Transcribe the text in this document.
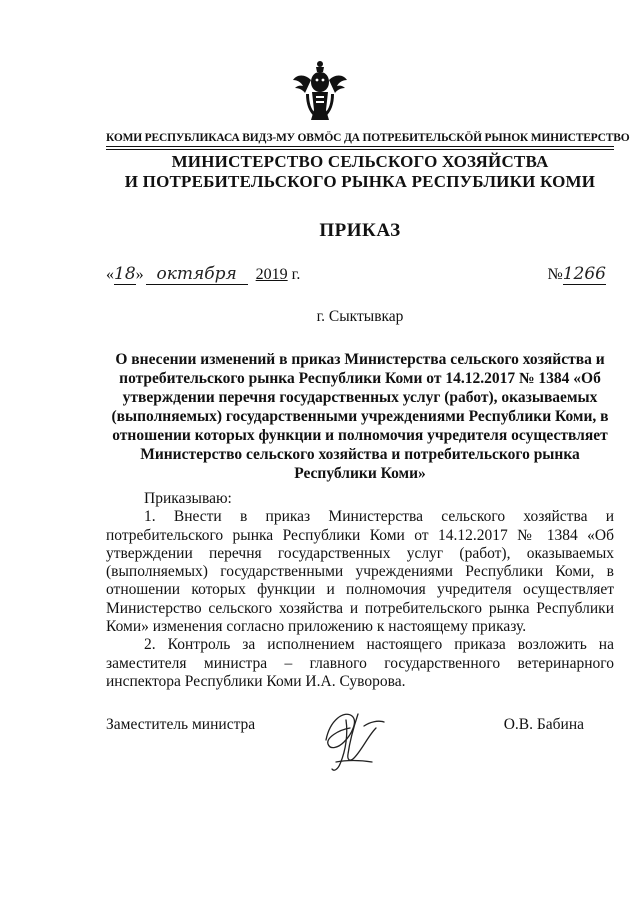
КОМИ РЕСПУБЛИКАСА ВИДЗ-МУ ОВМÖС ДА ПОТРЕБИТЕЛЬСКÖЙ РЫНОК МИНИСТЕРСТВО
МИНИСТЕРСТВО СЕЛЬСКОГО ХОЗЯЙСТВА
И ПОТРЕБИТЕЛЬСКОГО РЫНКА РЕСПУБЛИКИ КОМИ
ПРИКАЗ
«18» октября 2019 г.	№1266
г. Сыктывкар
О внесении изменений в приказ Министерства сельского хозяйства и потребительского рынка Республики Коми от 14.12.2017 № 1384 «Об утверждении перечня государственных услуг (работ), оказываемых (выполняемых) государственными учреждениями Республики Коми, в отношении которых функции и полномочия учредителя осуществляет Министерство сельского хозяйства и потребительского рынка Республики Коми»

Приказываю:

1. Внести в приказ Министерства сельского хозяйства и потребительского рынка Республики Коми от 14.12.2017 № 1384 «Об утверждении перечня государственных услуг (работ), оказываемых (выполняемых) государственными учреждениями Республики Коми, в отношении которых функции и полномочия учредителя осуществляет Министерство сельского хозяйства и потребительского рынка Республики Коми» изменения согласно приложению к настоящему приказу.

2. Контроль за исполнением настоящего приказа возложить на заместителя министра – главного государственного ветеринарного инспектора Республики Коми И.А. Суворова.

Заместитель министра	О.В. Бабина
